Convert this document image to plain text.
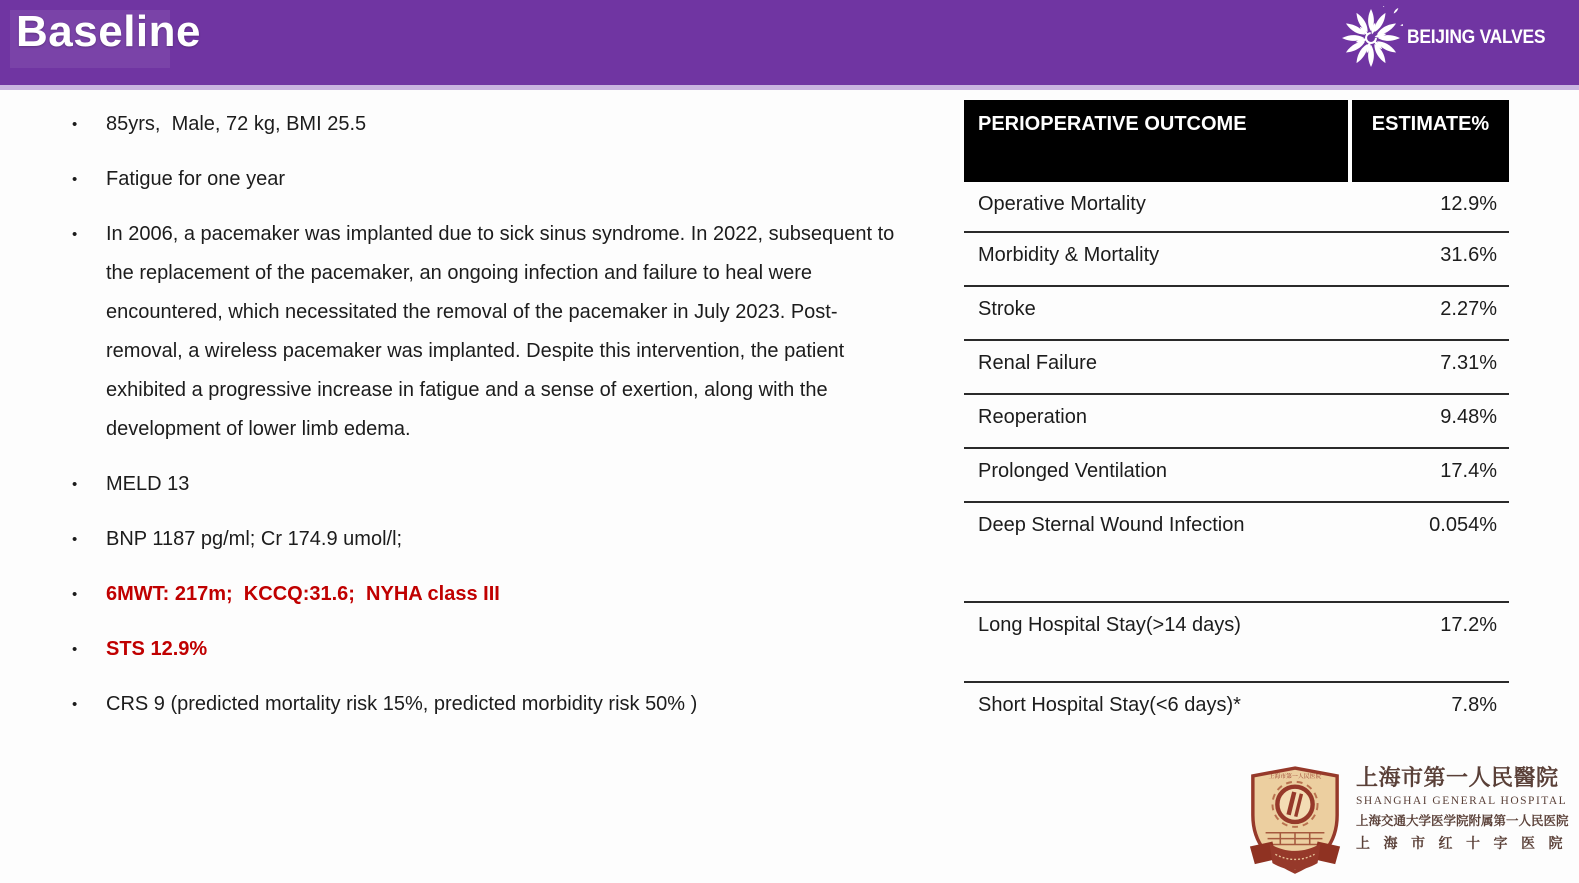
Baseline	BEIJING VALVES
• 85yrs,  Male, 72 kg, BMI 25.5
• Fatigue for one year
• In 2006, a pacemaker was implanted due to sick sinus syndrome. In 2022, subsequent to the replacement of the pacemaker, an ongoing infection and failure to heal were encountered, which necessitated the removal of the pacemaker in July 2023. Post-removal, a wireless pacemaker was implanted. Despite this intervention, the patient exhibited a progressive increase in fatigue and a sense of exertion, along with the development of lower limb edema.
• MELD 13
• BNP 1187 pg/ml; Cr 174.9 umol/l;
• 6MWT: 217m;  KCCQ:31.6;  NYHA class III
• STS 12.9%
• CRS 9 (predicted mortality risk 15%, predicted morbidity risk 50% )
PERIOPERATIVE OUTCOME	ESTIMATE%
Operative Mortality	12.9%
Morbidity & Mortality	31.6%
Stroke	2.27%
Renal Failure	7.31%
Reoperation	9.48%
Prolonged Ventilation	17.4%
Deep Sternal Wound Infection	0.054%
Long Hospital Stay(>14 days)	17.2%
Short Hospital Stay(<6 days)*	7.8%
上海市第一人民医院 上海市第一人民醫院
SHANGHAI GENERAL HOSPITAL
上海交通大学医学院附属第一人民医院
上 海 市 红 十 字 医 院
